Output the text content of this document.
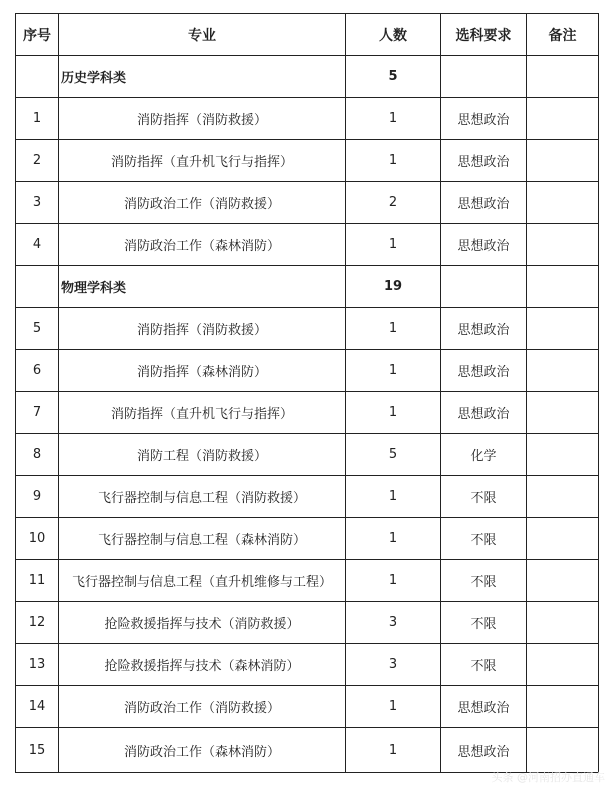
序号	专业	人数	选科要求	备注
	历史学科类	5		
1	消防指挥（消防救援）	1	思想政治	
2	消防指挥（直升机飞行与指挥）	1	思想政治	
3	消防政治工作（消防救援）	2	思想政治	
4	消防政治工作（森林消防）	1	思想政治	
	物理学科类	19		
5	消防指挥（消防救援）	1	思想政治	
6	消防指挥（森林消防）	1	思想政治	
7	消防指挥（直升机飞行与指挥）	1	思想政治	
8	消防工程（消防救援）	5	化学	
9	飞行器控制与信息工程（消防救援）	1	不限	
10	飞行器控制与信息工程（森林消防）	1	不限	
11	飞行器控制与信息工程（直升机维修与工程）	1	不限	
12	抢险救援指挥与技术（消防救援）	3	不限	
13	抢险救援指挥与技术（森林消防）	3	不限	
14	消防政治工作（消防救援）	1	思想政治	
15	消防政治工作（森林消防）	1	思想政治	
头条 @河南招办直通车
